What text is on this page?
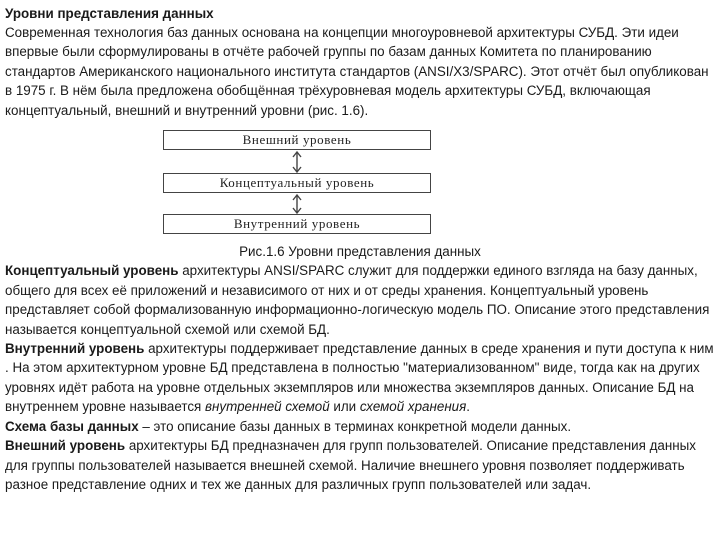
Уровни представления данных

Современная технология баз данных основана на концепции многоуровневой архитектуры СУБД. Эти идеи впервые были сформулированы в отчёте рабочей группы по базам данных Комитета по планированию стандартов Американского национального института стандартов (ANSI/X3/SPARC). Этот отчёт был опубликован в 1975 г. В нём была предложена обобщённая трёхуровневая модель архитектуры СУБД, включающая концептуальный, внешний и внутренний уровни (рис. 1.6).

Внешний уровень
Концептуальный уровень
Внутренний уровень

Рис.1.6 Уровни представления данных

Концептуальный уровень архитектуры ANSI/SPARC служит для поддержки единого взгляда на базу данных, общего для всех её приложений и независимого от них и от среды хранения. Концептуальный уровень представляет собой формализованную информационно-логическую модель ПО. Описание этого представления называется концептуальной схемой или схемой БД.

Внутренний уровень архитектуры поддерживает представление данных в среде хранения и пути доступа к ним . На этом архитектурном уровне БД представлена в полностью "материализованном" виде, тогда как на других уровнях идёт работа на уровне отдельных экземпляров или множества экземпляров данных. Описание БД на внутреннем уровне называется внутренней схемой или схемой хранения.

Схема базы данных – это описание базы данных в терминах конкретной модели данных.

Внешний уровень архитектуры БД предназначен для групп пользователей. Описание представления данных для группы пользователей называется внешней схемой. Наличие внешнего уровня позволяет поддерживать разное представление одних и тех же данных для различных групп пользователей или задач.
